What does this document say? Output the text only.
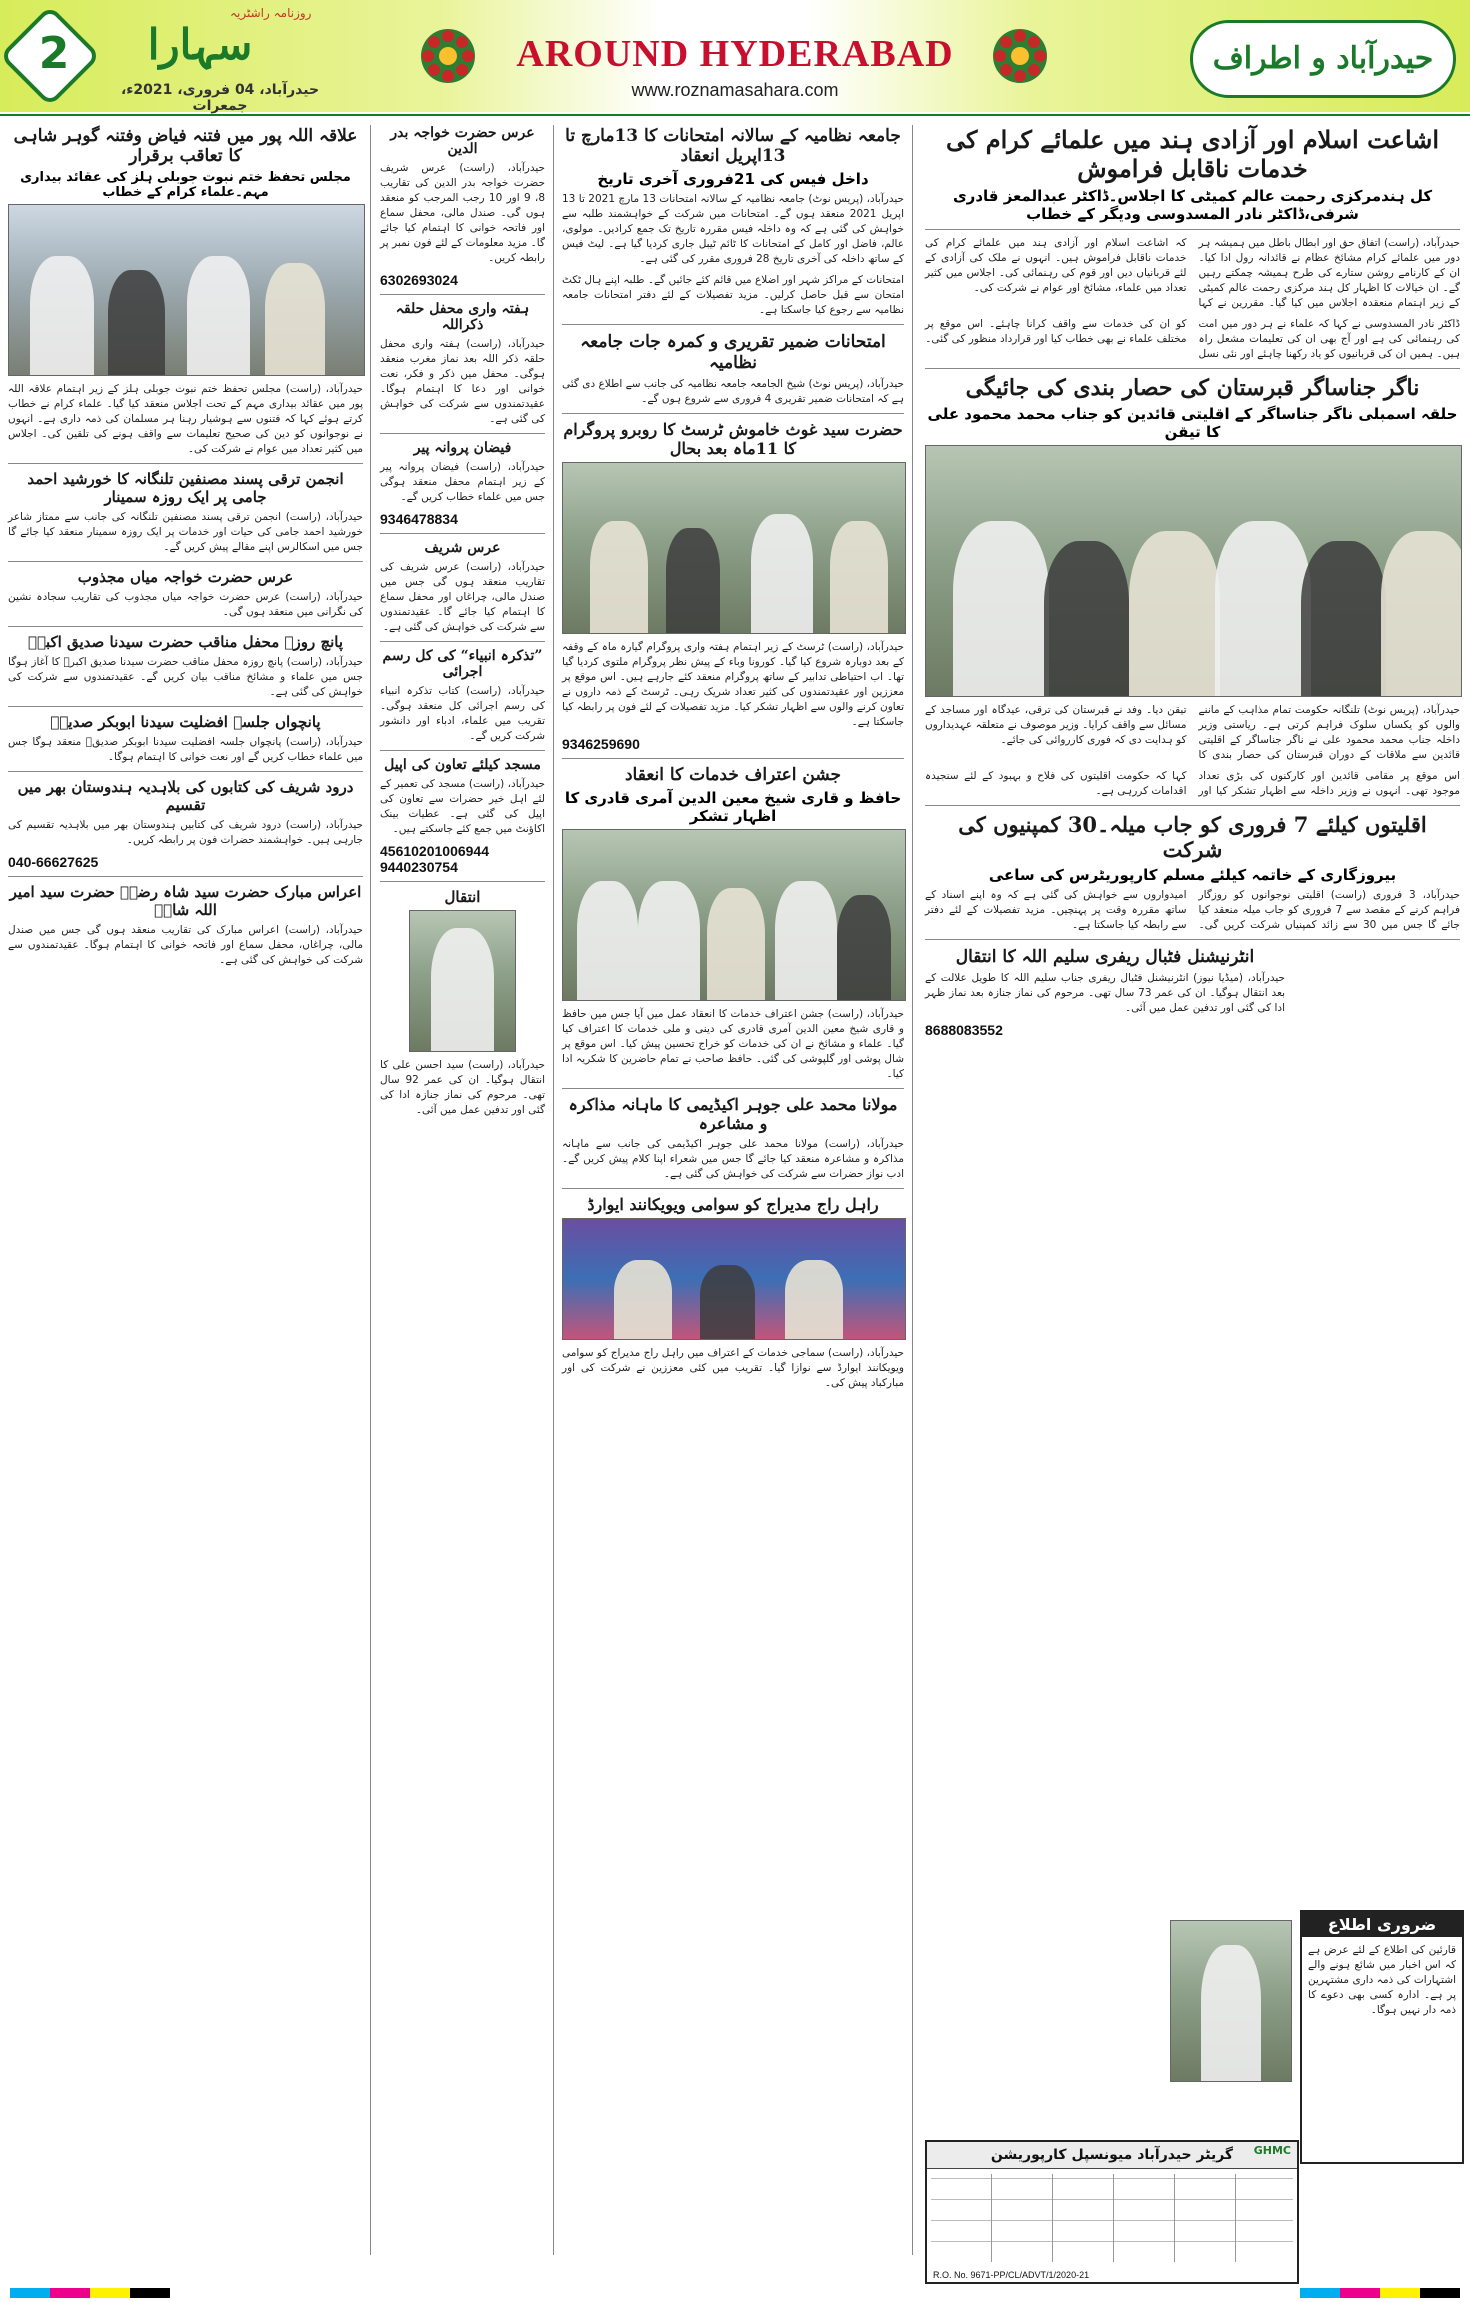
2	سہارا
روزنامہ راشٹریہ
حیدرآباد، 04 فروری، 2021ء، جمعرات
AROUND HYDERABAD
www.roznamasahara.com
حیدرآباد و اطراف
اشاعت اسلام اور آزادی ہند میں علمائے کرام کی خدمات ناقابل فراموش
کل ہندمرکزی رحمت عالم کمیٹی کا اجلاس۔ڈاکٹر عبدالمعز قادری شرفی،ڈاکٹر نادر المسدوسی ودیگر کے خطاب
حیدرآباد، (راست) اتفاق حق اور ابطال باطل میں ہمیشہ ہر دور میں علمائے کرام مشائخ عظام نے قائدانہ رول ادا کیا۔ ان کے کارنامے روشن ستارے کی طرح ہمیشہ چمکتے رہیں گے۔ ان خیالات کا اظہار کل ہند مرکزی رحمت عالم کمیٹی کے زیر اہتمام منعقدہ اجلاس میں کیا گیا۔ مقررین نے کہا کہ اشاعت اسلام اور آزادی ہند میں علمائے کرام کی خدمات ناقابل فراموش ہیں۔ انہوں نے ملک کی آزادی کے لئے قربانیاں دیں اور قوم کی رہنمائی کی۔ اجلاس میں کثیر تعداد میں علماء، مشائخ اور عوام نے شرکت کی۔
ڈاکٹر نادر المسدوسی نے کہا کہ علماء نے ہر دور میں امت کی رہنمائی کی ہے اور آج بھی ان کی تعلیمات مشعل راہ ہیں۔ ہمیں ان کی قربانیوں کو یاد رکھنا چاہئے اور نئی نسل کو ان کی خدمات سے واقف کرانا چاہئے۔ اس موقع پر مختلف علماء نے بھی خطاب کیا اور قرارداد منظور کی گئی۔
ناگر جناساگر قبرستان کی حصار بندی کی جائیگی
حلقہ اسمبلی ناگر جناساگر کے اقلیتی قائدین کو جناب محمد محمود علی کا تیقن
حیدرآباد، (پریس نوٹ) تلنگانہ حکومت تمام مذاہب کے ماننے والوں کو یکساں سلوک فراہم کرتی ہے۔ ریاستی وزیر داخلہ جناب محمد محمود علی نے ناگر جناساگر کے اقلیتی قائدین سے ملاقات کے دوران قبرستان کی حصار بندی کا تیقن دیا۔ وفد نے قبرستان کی ترقی، عیدگاہ اور مساجد کے مسائل سے واقف کرایا۔ وزیر موصوف نے متعلقہ عہدیداروں کو ہدایت دی کہ فوری کارروائی کی جائے۔
اس موقع پر مقامی قائدین اور کارکنوں کی بڑی تعداد موجود تھی۔ انہوں نے وزیر داخلہ سے اظہار تشکر کیا اور کہا کہ حکومت اقلیتوں کی فلاح و بہبود کے لئے سنجیدہ اقدامات کررہی ہے۔
اقلیتوں کیلئے 7 فروری کو جاب میلہ۔30 کمپنیوں کی شرکت
بیروزگاری کے خاتمہ کیلئے مسلم کارپوریٹرس کی ساعی
حیدرآباد، 3 فروری (راست) اقلیتی نوجوانوں کو روزگار فراہم کرنے کے مقصد سے 7 فروری کو جاب میلہ منعقد کیا جائے گا جس میں 30 سے زائد کمپنیاں شرکت کریں گی۔ امیدواروں سے خواہش کی گئی ہے کہ وہ اپنے اسناد کے ساتھ مقررہ وقت پر پہنچیں۔ مزید تفصیلات کے لئے دفتر سے رابطہ کیا جاسکتا ہے۔
انٹرنیشنل فٹبال ریفری سلیم اللہ کا انتقال
حیدرآباد، (میڈیا نیوز) انٹرنیشنل فٹبال ریفری جناب سلیم اللہ کا طویل علالت کے بعد انتقال ہوگیا۔ ان کی عمر 73 سال تھی۔ مرحوم کی نماز جنازہ بعد نماز ظہر ادا کی گئی اور تدفین عمل میں آئی۔
8688083552
ضروری اطلاع
قارئین کی اطلاع کے لئے عرض ہے کہ اس اخبار میں شائع ہونے والے اشتہارات کی ذمہ داری مشتہرین پر ہے۔ ادارہ کسی بھی دعوے کا ذمہ دار نہیں ہوگا۔
گریٹر حیدرآباد میونسپل کارپوریشن	GHMC
R.O. No. 9671-PP/CL/ADVT/1/2020-21
جامعہ نظامیہ کے سالانہ امتحانات کا 13مارچ تا 13اپریل انعقاد
داخل فیس کی 21فروری آخری تاریخ
حیدرآباد، (پریس نوٹ) جامعہ نظامیہ کے سالانہ امتحانات 13 مارچ 2021 تا 13 اپریل 2021 منعقد ہوں گے۔ امتحانات میں شرکت کے خواہشمند طلبہ سے خواہش کی گئی ہے کہ وہ داخلہ فیس مقررہ تاریخ تک جمع کرادیں۔ مولوی، عالم، فاضل اور کامل کے امتحانات کا ٹائم ٹیبل جاری کردیا گیا ہے۔ لیٹ فیس کے ساتھ داخلہ کی آخری تاریخ 28 فروری مقرر کی گئی ہے۔
امتحانات کے مراکز شہر اور اضلاع میں قائم کئے جائیں گے۔ طلبہ اپنے ہال ٹکٹ امتحان سے قبل حاصل کرلیں۔ مزید تفصیلات کے لئے دفتر امتحانات جامعہ نظامیہ سے رجوع کیا جاسکتا ہے۔
امتحانات ضمیر تقریری و کمرہ جات جامعہ نظامیہ
حیدرآباد، (پریس نوٹ) شیخ الجامعہ جامعہ نظامیہ کی جانب سے اطلاع دی گئی ہے کہ امتحانات ضمیر تقریری 4 فروری سے شروع ہوں گے۔
حضرت سید غوث خاموش ٹرسٹ کا روبرو پروگرام کا 11ماہ بعد بحال
حیدرآباد، (راست) ٹرسٹ کے زیر اہتمام ہفتہ واری پروگرام گیارہ ماہ کے وقفہ کے بعد دوبارہ شروع کیا گیا۔ کورونا وباء کے پیش نظر پروگرام ملتوی کردیا گیا تھا۔ اب احتیاطی تدابیر کے ساتھ پروگرام منعقد کئے جارہے ہیں۔ اس موقع پر معززین اور عقیدتمندوں کی کثیر تعداد شریک رہی۔ ٹرسٹ کے ذمہ داروں نے تعاون کرنے والوں سے اظہار تشکر کیا۔ مزید تفصیلات کے لئے فون پر رابطہ کیا جاسکتا ہے۔
9346259690
جشن اعتراف خدمات کا انعقاد
حافظ و قاری شیخ معین الدین آمری قادری کا اظہار تشکر
حیدرآباد، (راست) جشن اعتراف خدمات کا انعقاد عمل میں آیا جس میں حافظ و قاری شیخ معین الدین آمری قادری کی دینی و ملی خدمات کا اعتراف کیا گیا۔ علماء و مشائخ نے ان کی خدمات کو خراج تحسین پیش کیا۔ اس موقع پر شال پوشی اور گلپوشی کی گئی۔ حافظ صاحب نے تمام حاضرین کا شکریہ ادا کیا۔
مولانا محمد علی جوہر اکیڈیمی کا ماہانہ مذاکرہ و مشاعرہ
حیدرآباد، (راست) مولانا محمد علی جوہر اکیڈیمی کی جانب سے ماہانہ مذاکرہ و مشاعرہ منعقد کیا جائے گا جس میں شعراء اپنا کلام پیش کریں گے۔ ادب نواز حضرات سے شرکت کی خواہش کی گئی ہے۔
راہل راج مدیراج کو سوامی ویویکانند ایوارڈ
حیدرآباد، (راست) سماجی خدمات کے اعتراف میں راہل راج مدیراج کو سوامی ویویکانند ایوارڈ سے نوازا گیا۔ تقریب میں کئی معززین نے شرکت کی اور مبارکباد پیش کی۔
عرس حضرت خواجہ بدر الدین
حیدرآباد، (راست) عرس شریف حضرت خواجہ بدر الدین کی تقاریب 8، 9 اور 10 رجب المرجب کو منعقد ہوں گی۔ صندل مالی، محفل سماع اور فاتحہ خوانی کا اہتمام کیا جائے گا۔ مزید معلومات کے لئے فون نمبر پر رابطہ کریں۔
6302693024
ہفتہ واری محفل حلقہ ذکراللہ
حیدرآباد، (راست) ہفتہ واری محفل حلقہ ذکر اللہ بعد نماز مغرب منعقد ہوگی۔ محفل میں ذکر و فکر، نعت خوانی اور دعا کا اہتمام ہوگا۔ عقیدتمندوں سے شرکت کی خواہش کی گئی ہے۔
فیضان پروانہ پیر
حیدرآباد، (راست) فیضان پروانہ پیر کے زیر اہتمام محفل منعقد ہوگی جس میں علماء خطاب کریں گے۔
9346478834
عرس شریف
حیدرآباد، (راست) عرس شریف کی تقاریب منعقد ہوں گی جس میں صندل مالی، چراغاں اور محفل سماع کا اہتمام کیا جائے گا۔ عقیدتمندوں سے شرکت کی خواہش کی گئی ہے۔
”تذکرہ انبیاء“ کی کل رسم اجرائی
حیدرآباد، (راست) کتاب تذکرہ انبیاء کی رسم اجرائی کل منعقد ہوگی۔ تقریب میں علماء، ادباء اور دانشور شرکت کریں گے۔
مسجد کیلئے تعاون کی اپیل
حیدرآباد، (راست) مسجد کی تعمیر کے لئے اہل خیر حضرات سے تعاون کی اپیل کی گئی ہے۔ عطیات بینک اکاؤنٹ میں جمع کئے جاسکتے ہیں۔
45610201006944
9440230754
انتقال
حیدرآباد، (راست) سید احسن علی کا انتقال ہوگیا۔ ان کی عمر 92 سال تھی۔ مرحوم کی نماز جنازہ ادا کی گئی اور تدفین عمل میں آئی۔
علاقہ اللہ پور میں فتنہ فیاض وفتنہ گوہر شاہی کا تعاقب برقرار
مجلس تحفظ ختم نبوت جوبلی ہلز کی عقائد بیداری مہم۔علماء کرام کے خطاب
حیدرآباد، (راست) مجلس تحفظ ختم نبوت جوبلی ہلز کے زیر اہتمام علاقہ اللہ پور میں عقائد بیداری مہم کے تحت اجلاس منعقد کیا گیا۔ علماء کرام نے خطاب کرتے ہوئے کہا کہ فتنوں سے ہوشیار رہنا ہر مسلمان کی ذمہ داری ہے۔ انہوں نے نوجوانوں کو دین کی صحیح تعلیمات سے واقف ہونے کی تلقین کی۔ اجلاس میں کثیر تعداد میں عوام نے شرکت کی۔
انجمن ترقی پسند مصنفین تلنگانہ کا خورشید احمد جامی پر ایک روزہ سمینار
حیدرآباد، (راست) انجمن ترقی پسند مصنفین تلنگانہ کی جانب سے ممتاز شاعر خورشید احمد جامی کی حیات اور خدمات پر ایک روزہ سمینار منعقد کیا جائے گا جس میں اسکالرس اپنے مقالے پیش کریں گے۔
عرس حضرت خواجہ میاں مجذوب
حیدرآباد، (راست) عرس حضرت خواجہ میاں مجذوب کی تقاریب سجادہ نشین کی نگرانی میں منعقد ہوں گی۔
پانچ روزہ محفل مناقب حضرت سیدنا صدیق اکبرؓ
حیدرآباد، (راست) پانچ روزہ محفل مناقب حضرت سیدنا صدیق اکبرؓ کا آغاز ہوگا جس میں علماء و مشائخ مناقب بیان کریں گے۔ عقیدتمندوں سے شرکت کی خواہش کی گئی ہے۔
پانچواں جلسہ افضلیت سیدنا ابوبکر صدیقؓ
حیدرآباد، (راست) پانچواں جلسہ افضلیت سیدنا ابوبکر صدیقؓ منعقد ہوگا جس میں علماء خطاب کریں گے اور نعت خوانی کا اہتمام ہوگا۔
درود شریف کی کتابوں کی بلاہدیہ ہندوستان بھر میں تقسیم
حیدرآباد، (راست) درود شریف کی کتابیں ہندوستان بھر میں بلاہدیہ تقسیم کی جارہی ہیں۔ خواہشمند حضرات فون پر رابطہ کریں۔
040-66627625
اعراس مبارک حضرت سید شاہ رضاؒ حضرت سید امیر اللہ شاہؒ
حیدرآباد، (راست) اعراس مبارک کی تقاریب منعقد ہوں گی جس میں صندل مالی، چراغاں، محفل سماع اور فاتحہ خوانی کا اہتمام ہوگا۔ عقیدتمندوں سے شرکت کی خواہش کی گئی ہے۔
